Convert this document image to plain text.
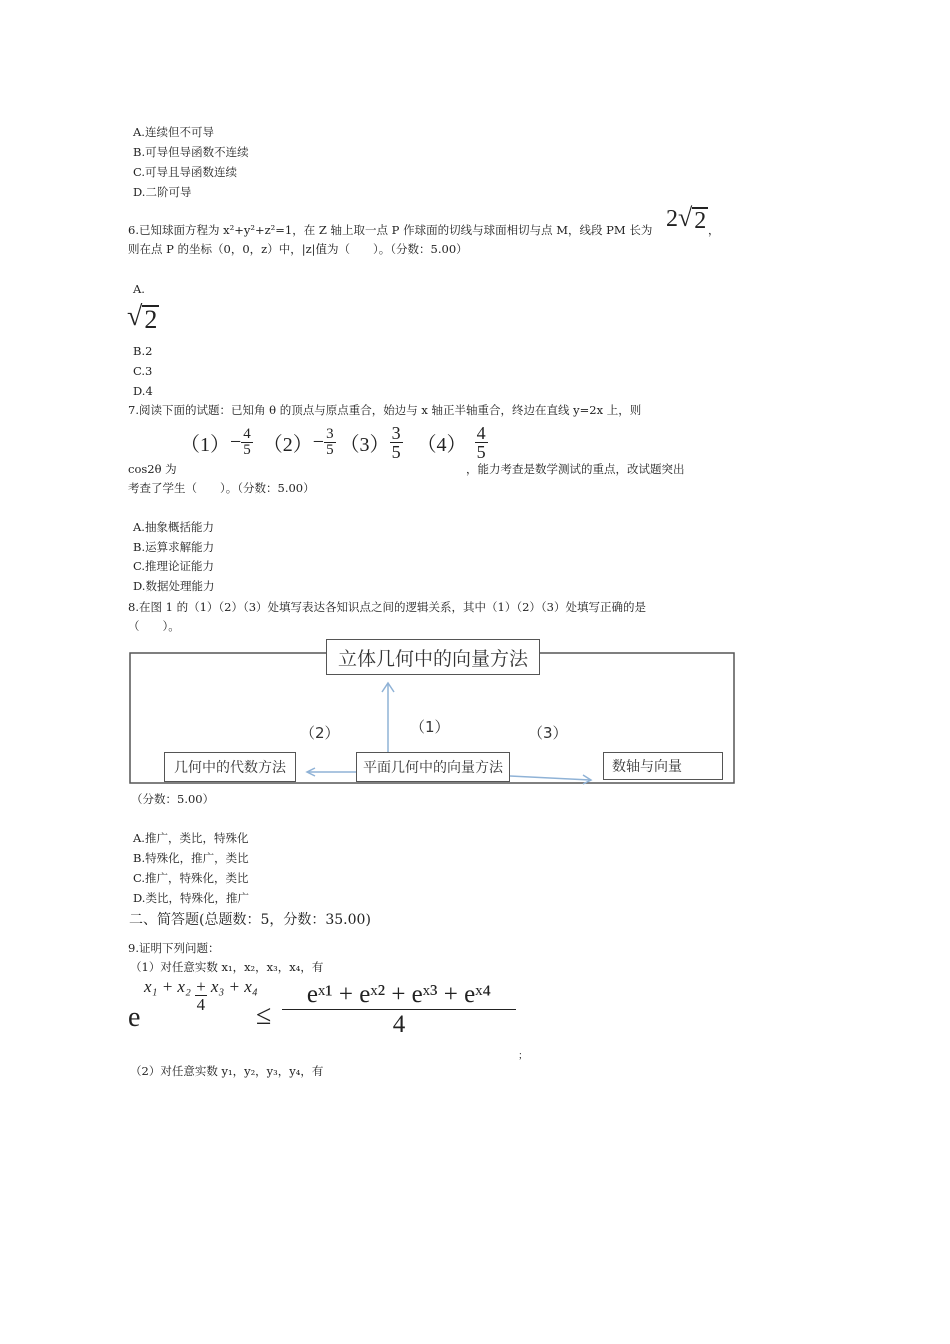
A.连续但不可导
B.可导但导函数不连续
C.可导且导函数连续
D.二阶可导
6.已知球面方程为 x²+y²+z²=1，在 Z 轴上取一点 P 作球面的切线与球面相切与点 M，线段 PM 长为 2 √ 2 ，
则在点 P 的坐标（0，0，z）中，|z|值为（　　）。（分数：5.00）
A.
√ 2
B.2
C.3
D.4
7.阅读下面的试题：已知角 θ 的顶点与原点重合，始边与 x 轴正半轴重合，终边在直线 y=2x 上，则
cos2θ 为
$(1) - \frac{4}{5} (2) - \frac{3}{5} (3) \frac{3}{5} (4) \frac{4}{5}$
，能力考查是数学测试的重点，改试题突出
考查了学生（　　）。（分数：5.00）
A.抽象概括能力
B.运算求解能力
C.推理论证能力
D.数据处理能力
8.在图 1 的（1）（2）（3）处填写表达各知识点之间的逻辑关系，其中（1）（2）（3）处填写正确的是
（　　）。
立体几何中的向量方法
几何中的代数方法	平面几何中的向量方法	数轴与向量
（1）
（2）	（3）
（分数：5.00）
A.推广，类比，特殊化
B.特殊化，推广，类比
C.推广，特殊化，类比
D.类比，特殊化，推广
二、简答题(总题数：5，分数：35.00)
9.证明下列问题：
（1）对任意实数 x₁，x₂，x₃，x₄，有
e
$\frac{\text{x₁ + x₂ + x₃ + x₄}}{4}$
≤ $\frac{\text{eˣ¹ + eˣ² + eˣ³ + eˣ⁴}}{4}$
;
（2）对任意实数 y₁，y₂，y₃，y₄，有
